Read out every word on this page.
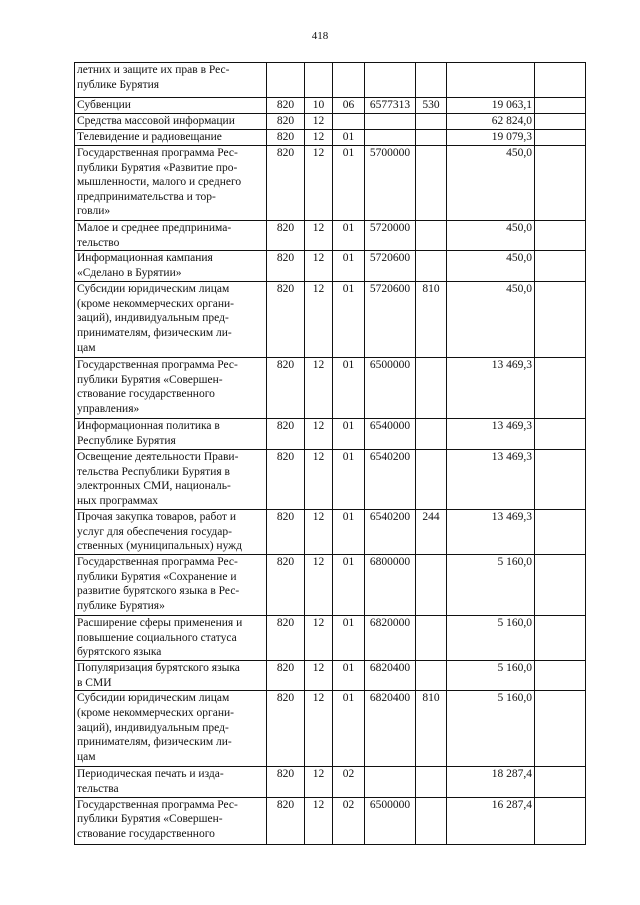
418
летних и защите их прав в Рес-
публике Бурятия							

Субвенции	820	10	06	6577313	530	19 063,1	

Средства массовой информации	820	12				62 824,0	

Телевидение и радиовещание	820	12	01			19 079,3	

Государственная программа Рес-
публики Бурятия «Развитие про-
мышленности, малого и среднего
предпринимательства и тор-
говли»	820	12	01	5700000		450,0	

Малое и среднее предпринима-
тельство	820	12	01	5720000		450,0	

Информационная кампания
«Сделано в Бурятии»	820	12	01	5720600		450,0	

Субсидии юридическим лицам
(кроме некоммерческих органи-
заций), индивидуальным пред-
принимателям, физическим ли-
цам	820	12	01	5720600	810	450,0	

Государственная программа Рес-
публики Бурятия «Совершен-
ствование государственного
управления»	820	12	01	6500000		13 469,3	

Информационная политика в
Республике Бурятия	820	12	01	6540000		13 469,3	

Освещение деятельности Прави-
тельства Республики Бурятия в
электронных СМИ, националь-
ных программах	820	12	01	6540200		13 469,3	

Прочая закупка товаров, работ и
услуг для обеспечения государ-
ственных (муниципальных) нужд	820	12	01	6540200	244	13 469,3	

Государственная программа Рес-
публики Бурятия «Сохранение и
развитие бурятского языка в Рес-
публике Бурятия»	820	12	01	6800000		5 160,0	

Расширение сферы применения и
повышение социального статуса
бурятского языка	820	12	01	6820000		5 160,0	

Популяризация бурятского языка
в СМИ	820	12	01	6820400		5 160,0	

Субсидии юридическим лицам
(кроме некоммерческих органи-
заций), индивидуальным пред-
принимателям, физическим ли-
цам	820	12	01	6820400	810	5 160,0	

Периодическая печать и изда-
тельства	820	12	02			18 287,4	

Государственная программа Рес-
публики Бурятия «Совершен-
ствование государственного	820	12	02	6500000		16 287,4	
